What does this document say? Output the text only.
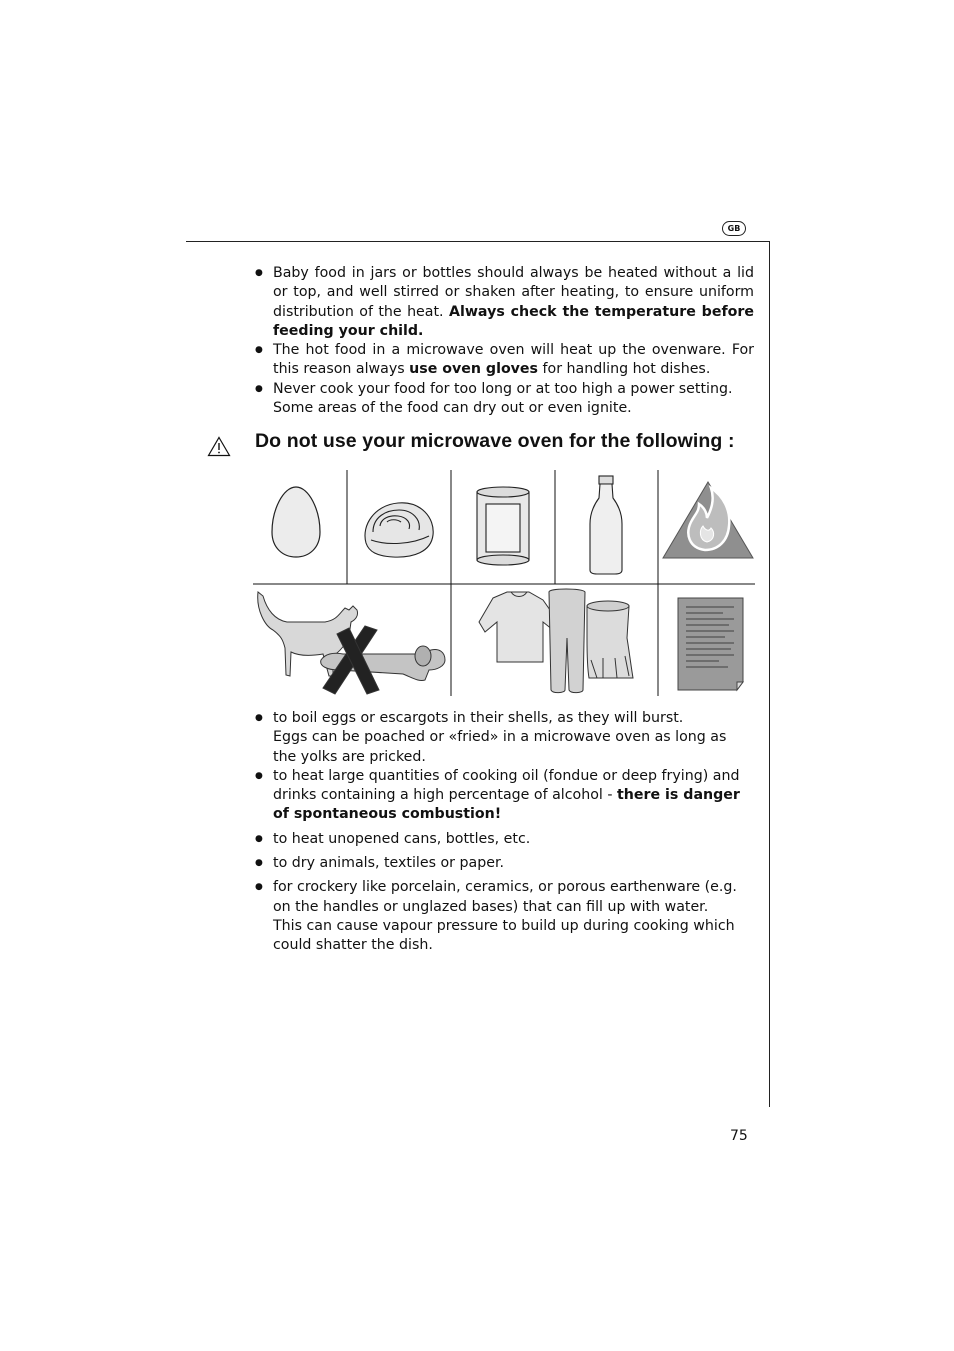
GB
● Baby food in jars or bottles should always be heated without a lid or top, and well stirred or shaken after heating, to ensure uniform distribution of the heat. Always check the temperature before feeding your child.
● The hot food in a microwave oven will heat up the ovenware. For this reason always use oven gloves for handling hot dishes.
● Never cook your food for too long or at too high a power setting. Some areas of the food can dry out or even ignite.
Do not use your microwave oven for the following :
● to boil eggs or escargots in their shells, as they will burst.
Eggs can be poached or «fried» in a microwave oven as long as the yolks are pricked.
● to heat large quantities of cooking oil (fondue or deep frying) and drinks containing a high percentage of alcohol - there is danger of spontaneous combustion!
● to heat unopened cans, bottles, etc.
● to dry animals, textiles or paper.
● for crockery like porcelain, ceramics, or porous earthenware (e.g. on the handles or unglazed bases) that can fill up with water.
This can cause vapour pressure to build up during cooking which could shatter the dish.
75
